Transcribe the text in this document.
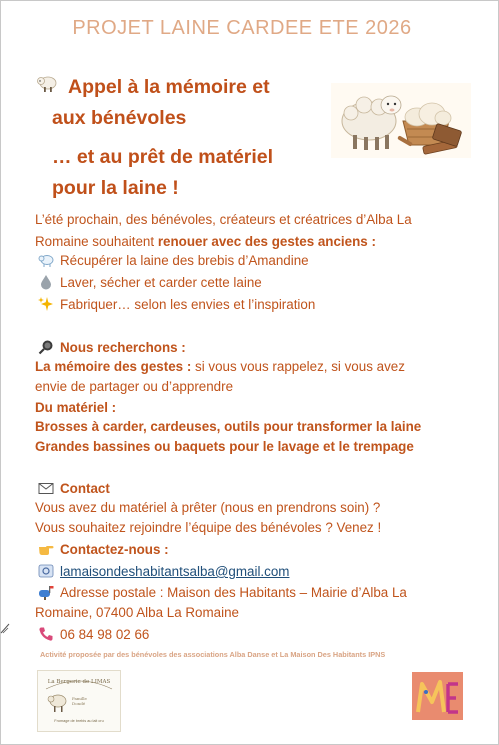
PROJET LAINE CARDEE ETE 2026
Appel à la mémoire et
aux bénévoles
… et au prêt de matériel
pour la laine !
L’été prochain, des bénévoles, créateurs et créatrices d’Alba La
Romaine souhaitent renouer avec des gestes anciens :
Récupérer la laine des brebis d’Amandine
Laver, sécher et carder cette laine
Fabriquer… selon les envies et l’inspiration
Nous recherchons :
La mémoire des gestes : si vous vous rappelez, si vous avez
envie de partager ou d’apprendre
Du matériel :
Brosses à carder, cardeuses, outils pour transformer la laine
Grandes bassines ou baquets pour le lavage et le trempage
Contact
Vous avez du matériel à prêter (nous en prendrons soin) ?
Vous souhaitez rejoindre l’équipe des bénévoles ? Venez !
Contactez-nous :
lamaisondeshabitantsalba@gmail.com
Adresse postale : Maison des Habitants – Mairie d’Alba La
Romaine, 07400 Alba La Romaine
06 84 98 02 66
Activité proposée par des bénévoles des associations Alba Danse et La Maison Des Habitants IPNS
Famille
Dondé
La Bergerie de LIMAS
Fromage de brebis au lait cru
